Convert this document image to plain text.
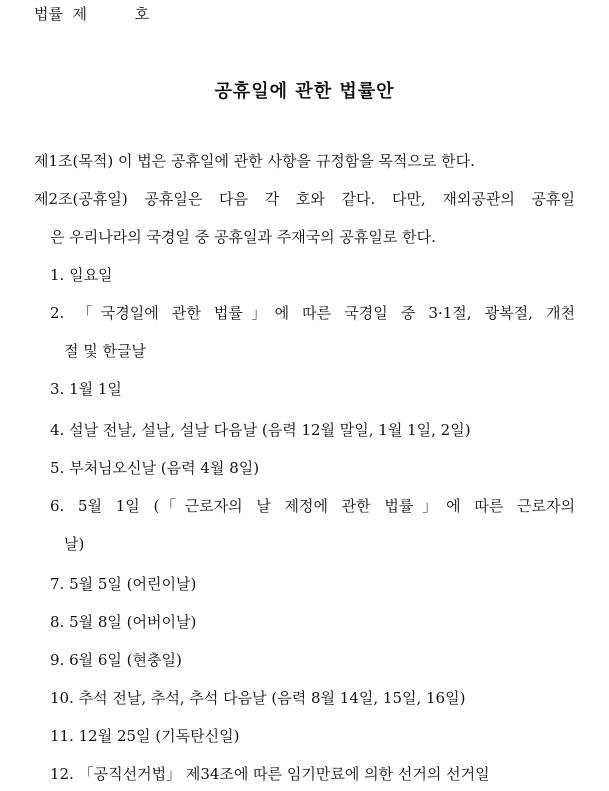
법률  제          호
공휴일에 관한 법률안
제1조(목적) 이 법은 공휴일에 관한 사항을 규정함을 목적으로 한다.
제2조(공휴일) 공휴일은 다음 각 호와 같다. 다만, 재외공관의 공휴일
은 우리나라의 국경일 중 공휴일과 주재국의 공휴일로 한다.
1. 일요일
2. 「국경일에 관한 법률」에 따른 국경일 중 3·1절, 광복절, 개천
절 및 한글날
3. 1월 1일
4. 설날 전날, 설날, 설날 다음날 (음력 12월 말일, 1월 1일, 2일)
5. 부처님오신날 (음력 4월 8일)
6. 5월 1일 (「근로자의 날 제정에 관한 법률」에 따른 근로자의
날)
7. 5월 5일 (어린이날)
8. 5월 8일 (어버이날)
9. 6월 6일 (현충일)
10. 추석 전날, 추석, 추석 다음날 (음력 8월 14일, 15일, 16일)
11. 12월 25일 (기독탄신일)
12. 「공직선거법」 제34조에 따른 임기만료에 의한 선거의 선거일
